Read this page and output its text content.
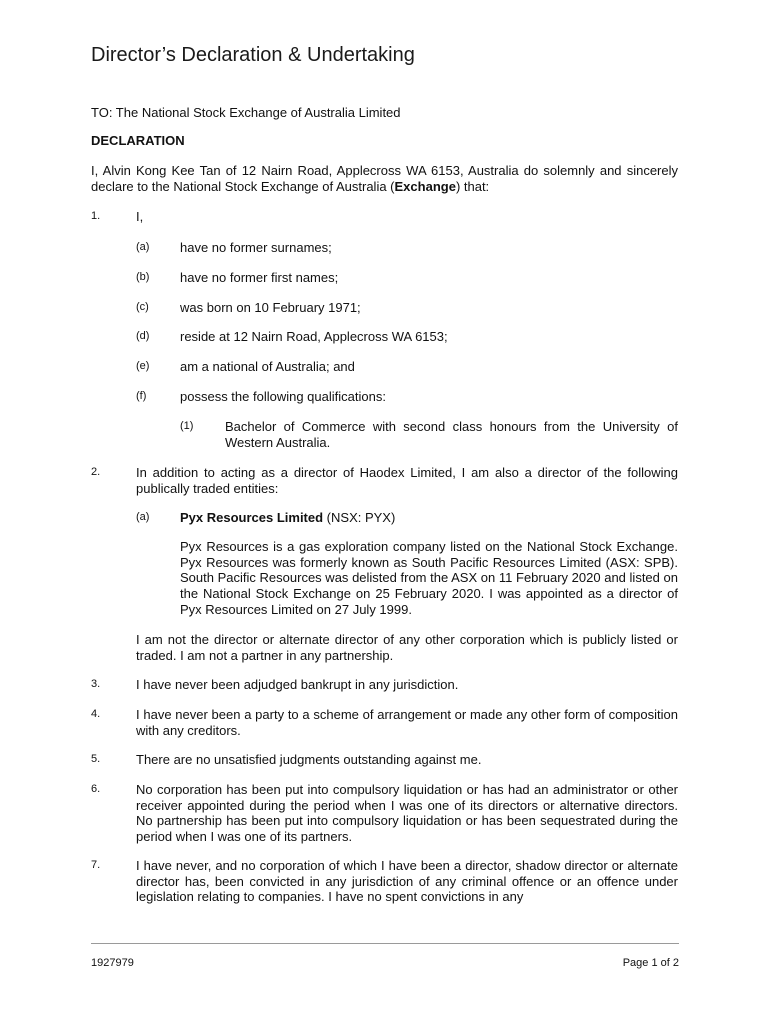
Director’s Declaration & Undertaking
TO: The National Stock Exchange of Australia Limited
DECLARATION
I, Alvin Kong Kee Tan of 12 Nairn Road, Applecross WA 6153, Australia do solemnly and sincerely declare to the National Stock Exchange of Australia (Exchange) that:
1.	I,
(a) have no former surnames;
(b) have no former first names;
(c) was born on 10 February 1971;
(d) reside at 12 Nairn Road, Applecross WA 6153;
(e) am a national of Australia; and
(f)	possess the following qualifications:
(1) Bachelor of Commerce with second class honours from the University of Western Australia.
2.	In addition to acting as a director of Haodex Limited, I am also a director of the following publically traded entities:
(a) Pyx Resources Limited (NSX: PYX)
Pyx Resources is a gas exploration company listed on the National Stock Exchange. Pyx Resources was formerly known as South Pacific Resources Limited (ASX: SPB). South Pacific Resources was delisted from the ASX on 11 February 2020 and listed on the National Stock Exchange on 25 February 2020. I was appointed as a director of Pyx Resources Limited on 27 July 1999.
I am not the director or alternate director of any other corporation which is publicly listed or traded. I am not a partner in any partnership.
3.	I have never been adjudged bankrupt in any jurisdiction.
4.	I have never been a party to a scheme of arrangement or made any other form of composition with any creditors.
5.	There are no unsatisfied judgments outstanding against me.
6.	No corporation has been put into compulsory liquidation or has had an administrator or other receiver appointed during the period when I was one of its directors or alternative directors. No partnership has been put into compulsory liquidation or has been sequestrated during the period when I was one of its partners.
7.	I have never, and no corporation of which I have been a director, shadow director or alternate director has, been convicted in any jurisdiction of any criminal offence or an offence under legislation relating to companies. I have no spent convictions in any
1927979	Page 1 of 2
